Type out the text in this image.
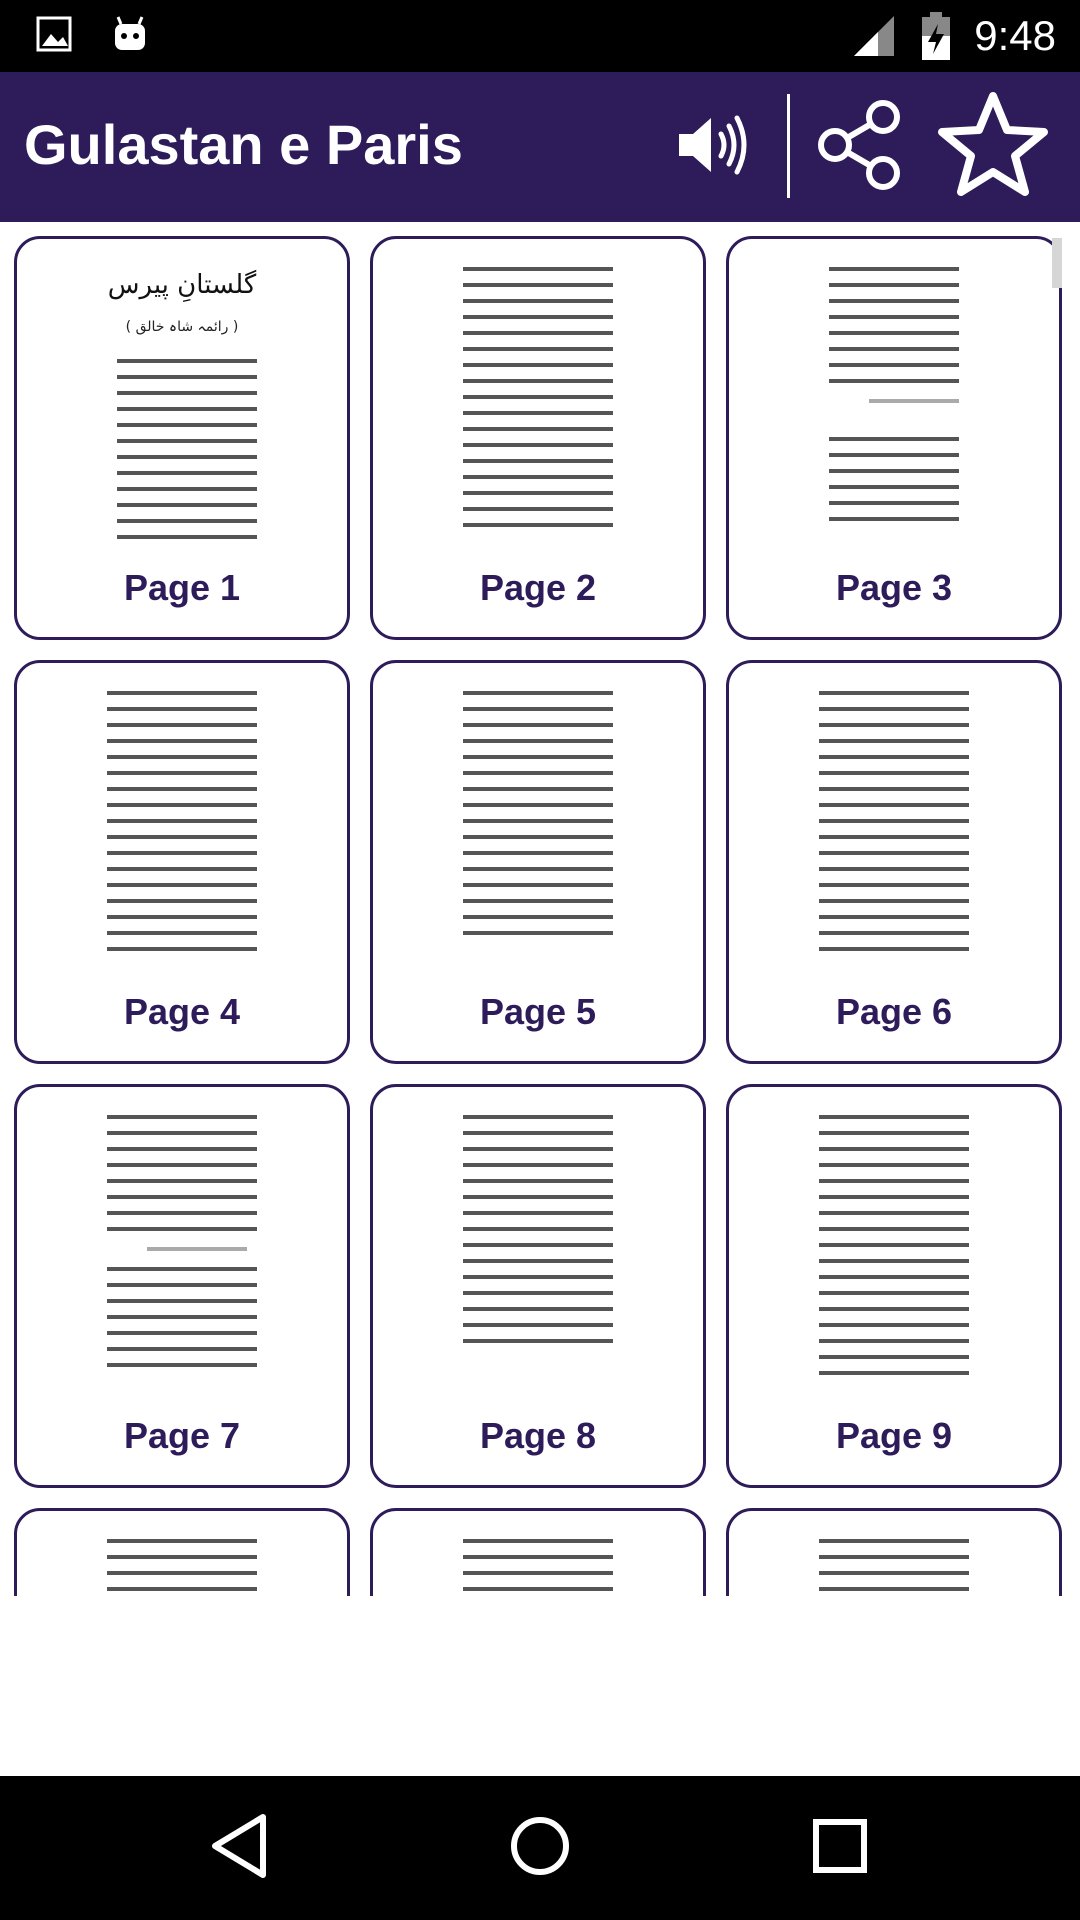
9:48
Gulastan e Paris
گلستانِ پیرس
( رائمہ شاہ خالق )
Page 1	Page 2	Page 3
Page 4	Page 5	Page 6
Page 7	Page 8	Page 9
